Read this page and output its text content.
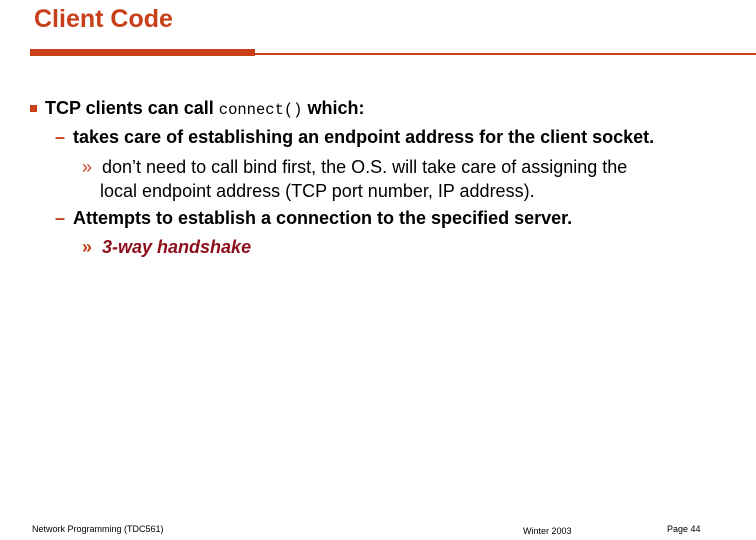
Client Code
TCP clients can call connect() which:
– takes care of establishing an endpoint address for the client socket.
» don’t need to call bind first, the O.S. will take care of assigning the
local endpoint address (TCP port number, IP address).
– Attempts to establish a connection to the specified server.
» 3-way handshake
Network Programming (TDC561)	Winter 2003	Page 44
